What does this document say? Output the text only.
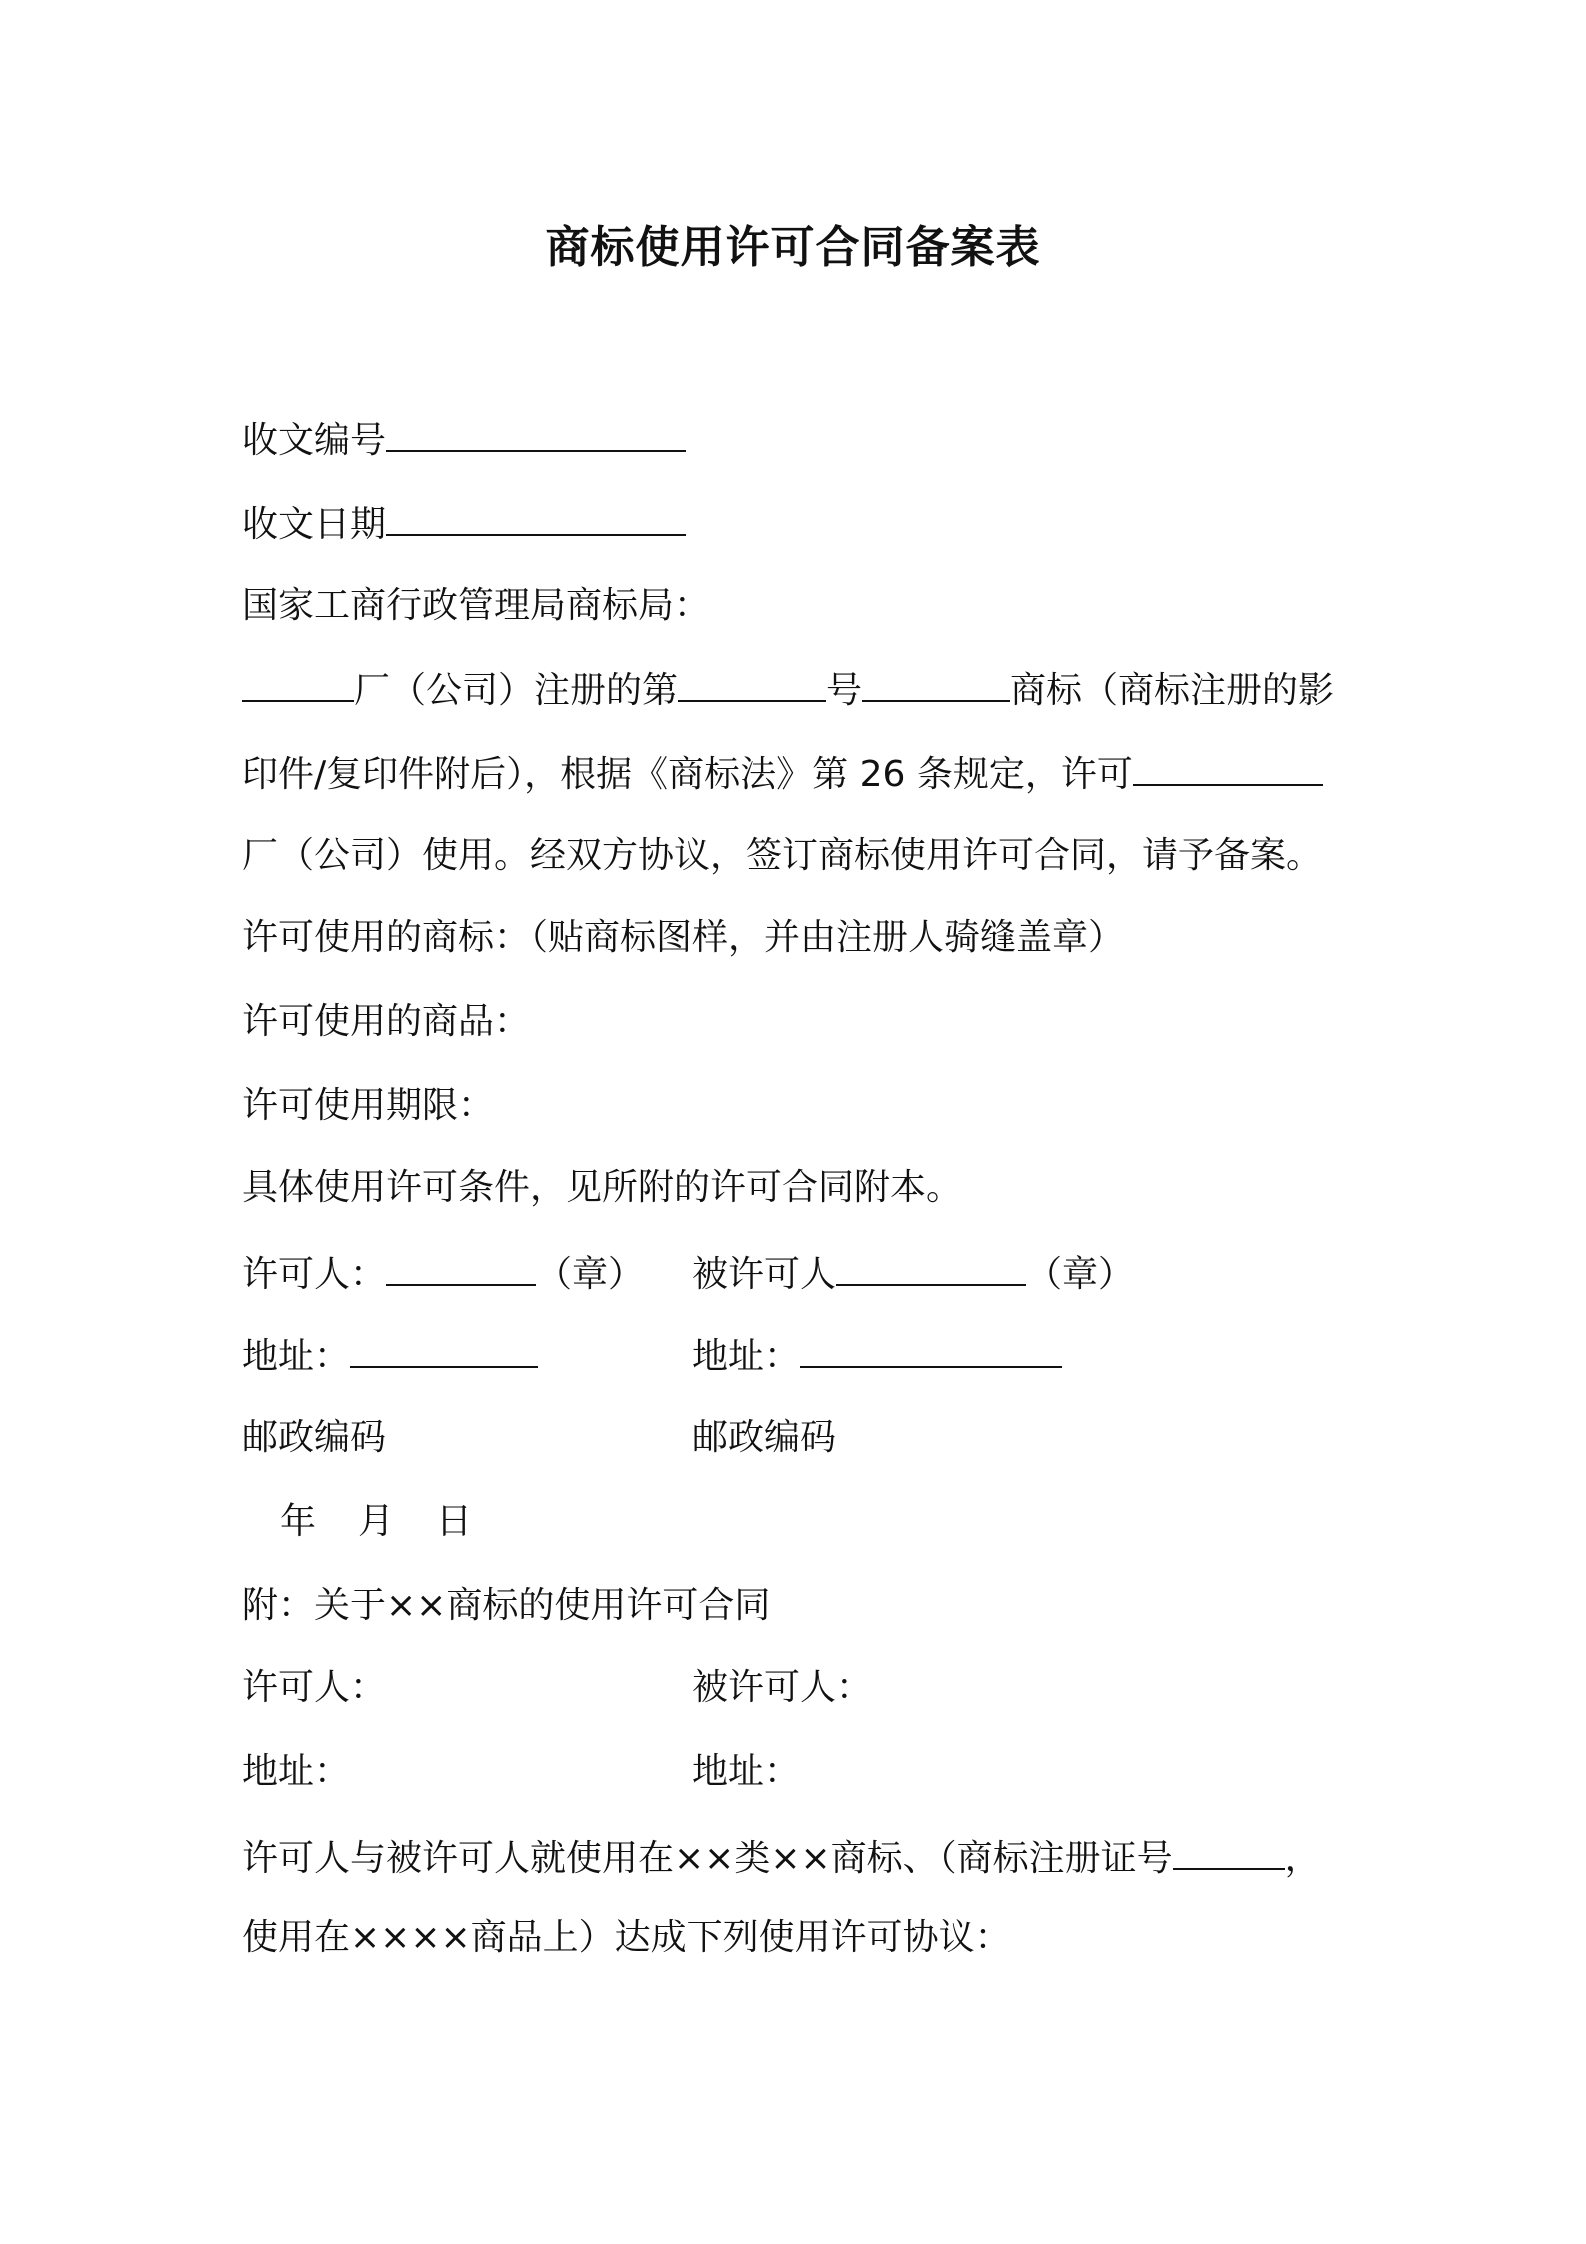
商标使用许可合同备案表
收文编号
收文日期
国家工商行政管理局商标局：
厂（公司）注册的第	号	商标（商标注册的影
印件/复印件附后），根据《商标法》第 26 条规定，许可
厂（公司）使用。经双方协议，签订商标使用许可合同，请予备案。
许可使用的商标：（贴商标图样，并由注册人骑缝盖章）
许可使用的商品：
许可使用期限：
具体使用许可条件，见所附的许可合同附本。
许可人：	（章） 被许可人	（章）
地址：	地址：
邮政编码	邮政编码
年 月 日
附：关于××商标的使用许可合同
许可人：	被许可人：
地址：	地址：
许可人与被许可人就使用在××类××商标、（商标注册证号	，
使用在××××商品上）达成下列使用许可协议：
